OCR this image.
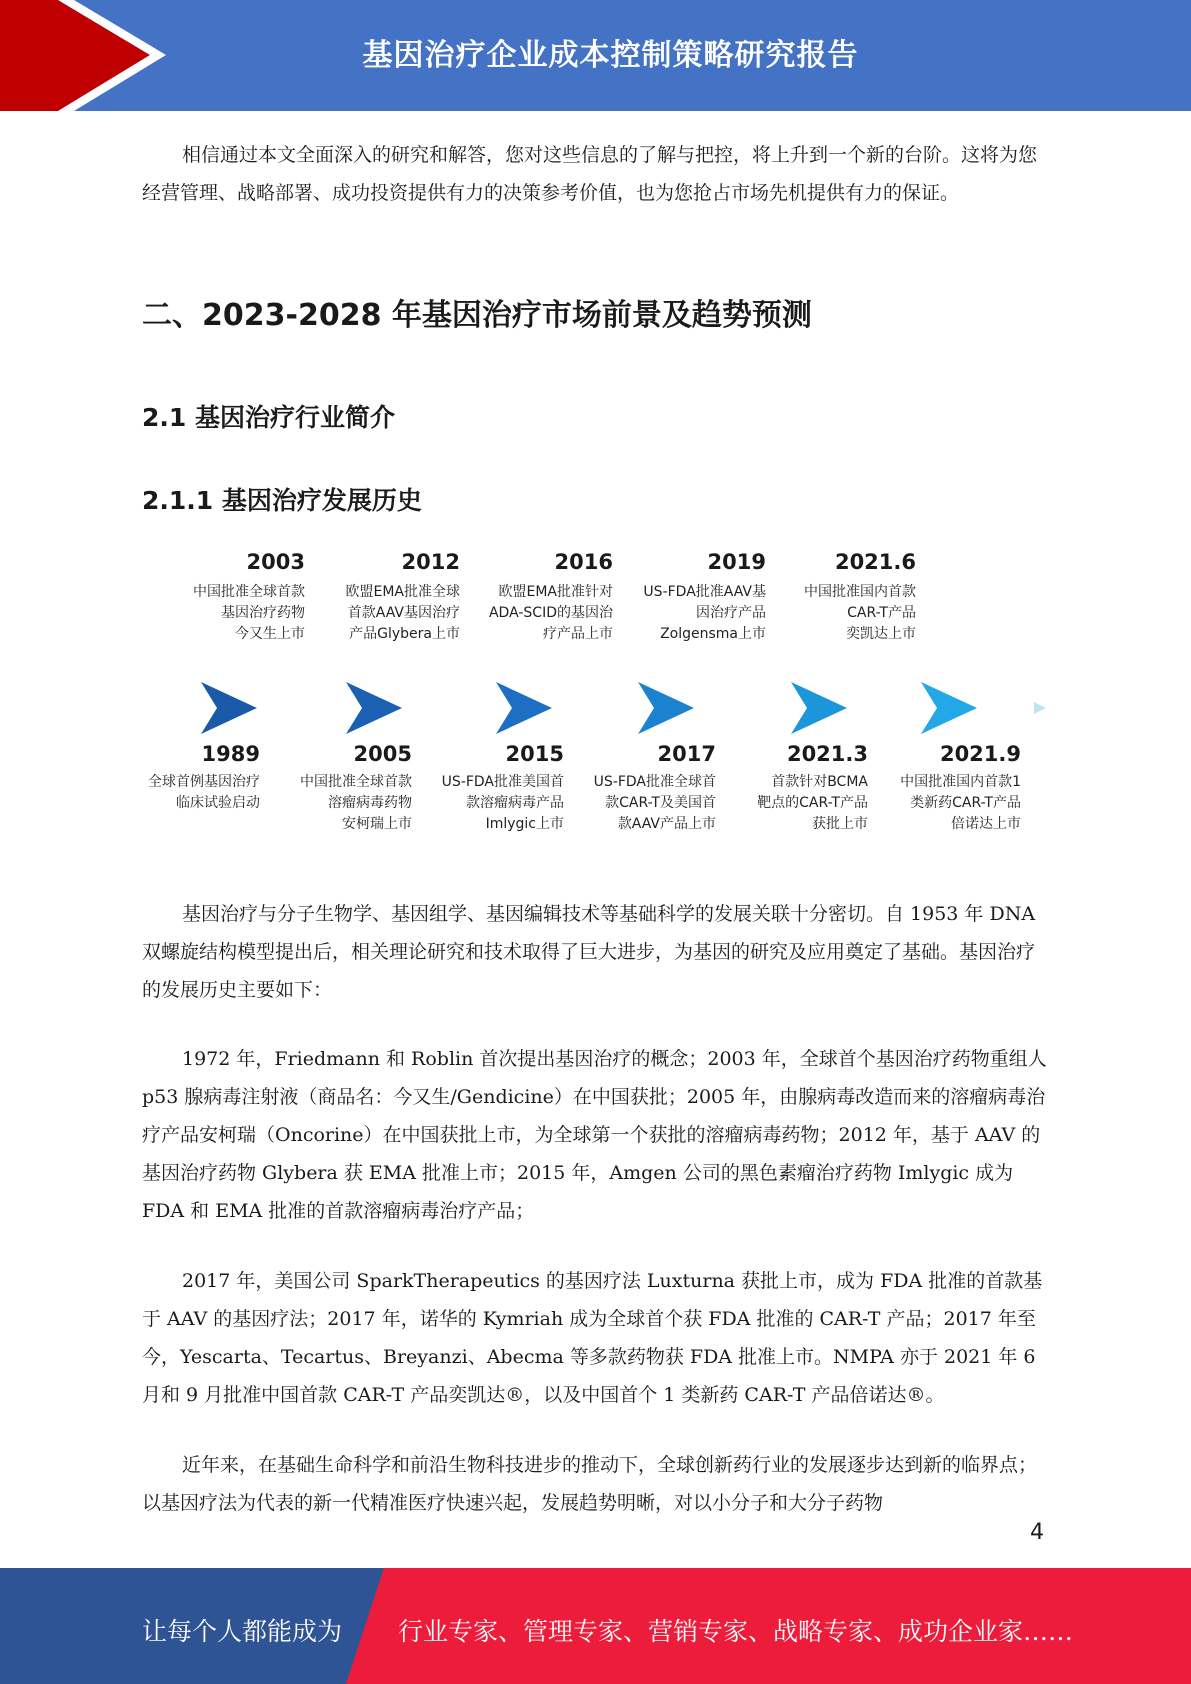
基因治疗企业成本控制策略研究报告

相信通过本文全面深入的研究和解答，您对这些信息的了解与把控，将上升到一个新的台阶。这将为您经营管理、战略部署、成功投资提供有力的决策参考价值，也为您抢占市场先机提供有力的保证。

二、2023-2028 年基因治疗市场前景及趋势预测
2.1 基因治疗行业简介
2.1.1 基因治疗发展历史
2003
中国批准全球首款
基因治疗药物
今又生上市
2012
欧盟EMA批准全球
首款AAV基因治疗
产品Glybera上市
2016
欧盟EMA批准针对
ADA-SCID的基因治
疗产品上市
2019
US-FDA批准AAV基
因治疗产品
Zolgensma上市
2021.6
中国批准国内首款
CAR-T产品
奕凯达上市
1989
全球首例基因治疗
临床试验启动
2005
中国批准全球首款
溶瘤病毒药物
安柯瑞上市
2015
US-FDA批准美国首
款溶瘤病毒产品
Imlygic上市
2017
US-FDA批准全球首
款CAR-T及美国首
款AAV产品上市
2021.3
首款针对BCMA
靶点的CAR-T产品
获批上市
2021.9
中国批准国内首款1
类新药CAR-T产品
倍诺达上市

基因治疗与分子生物学、基因组学、基因编辑技术等基础科学的发展关联十分密切。自 1953 年 DNA 双螺旋结构模型提出后，相关理论研究和技术取得了巨大进步，为基因的研究及应用奠定了基础。基因治疗的发展历史主要如下：

1972 年，Friedmann 和 Roblin 首次提出基因治疗的概念；2003 年，全球首个基因治疗药物重组人 p53 腺病毒注射液（商品名：今又生/Gendicine）在中国获批；2005 年，由腺病毒改造而来的溶瘤病毒治疗产品安柯瑞（Oncorine）在中国获批上市，为全球第一个获批的溶瘤病毒药物；2012 年，基于 AAV 的基因治疗药物 Glybera 获 EMA 批准上市；2015 年，Amgen 公司的黑色素瘤治疗药物 Imlygic 成为 FDA 和 EMA 批准的首款溶瘤病毒治疗产品；

2017 年，美国公司 SparkTherapeutics 的基因疗法 Luxturna 获批上市，成为 FDA 批准的首款基于 AAV 的基因疗法；2017 年，诺华的 Kymriah 成为全球首个获 FDA 批准的 CAR-T 产品；2017 年至今，Yescarta、Tecartus、Breyanzi、Abecma 等多款药物获 FDA 批准上市。NMPA 亦于 2021 年 6 月和 9 月批准中国首款 CAR-T 产品奕凯达®，以及中国首个 1 类新药 CAR-T 产品倍诺达®。

近年来，在基础生命科学和前沿生物科技进步的推动下，全球创新药行业的发展逐步达到新的临界点；以基因疗法为代表的新一代精准医疗快速兴起，发展趋势明晰，对以小分子和大分子药物

4
让每个人都能成为 行业专家、管理专家、营销专家、战略专家、成功企业家……
